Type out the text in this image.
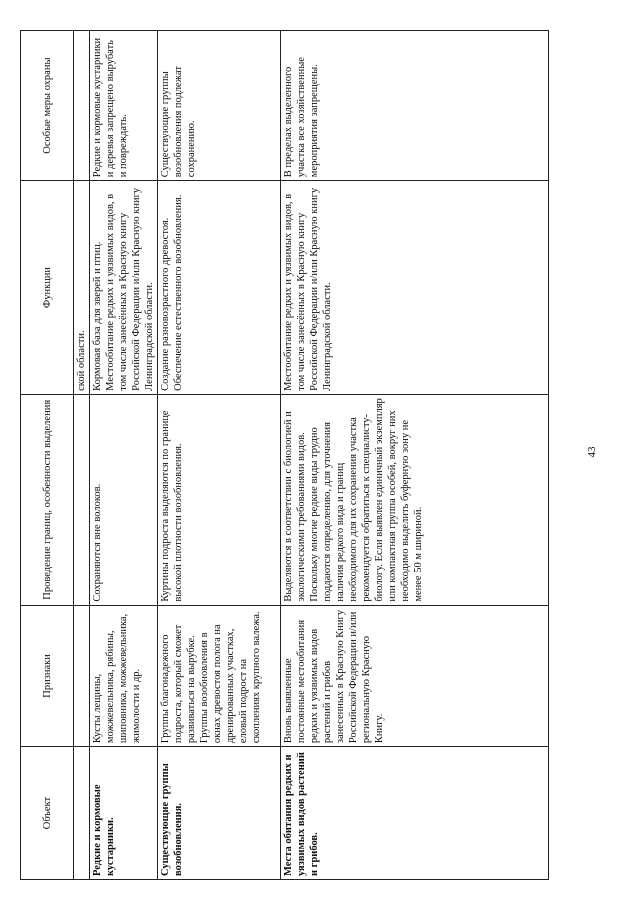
Объект	Признаки	Проведение границ, особенности выделения	Функции	Особые меры охраны
			ской области.	
Редкие и кормовые кустарники.	Кусты лещины, можжевельника, рябины, шиповника, можжевельника, жимолости и др.	Сохраняются вне волоков.	Кормовая база для зверей и птиц. Местообитание редких и уязвимых видов, в том числе занесённых в Красную книгу Российской Федерации и/или Красную книгу Ленинградской области.	Редкие и кормовые кустарники и деревья запрещено вырубать и повреждать.
Существующие группы возобновления.	Группы благонадежного подроста, который сможет развиваться на вырубке. Группы возобновления в окнах древостоя полога на дренированных участках, еловый подрост на скоплениях крупного валежа.	Куртины подроста выделяются по границе высокой плотности возобновления.	Создание разновозрастного древостоя. Обеспечение естественного возобновления.	Существующие группы возобновления подлежат сохранению.
Места обитания редких и уязвимых видов растений и грибов.	Вновь выявленные постоянные местообитания редких и уязвимых видов растений и грибов занесенных в Красную Книгу Российской Федерации и/или региональную Красную Книгу.	Выделяются в соответствии с биологией и экологическими требованиями видов. Поскольку многие редкие виды трудно поддаются определению, для уточнения наличия редкого вида и границ необходимого для их сохранения участка рекомендуется обратиться к специалисту-биологу. Если выявлен единичный экземпляр или компактная группа особей, вокруг них необходимо выделить буферную зону не менее 50 м шириной.	Местообитание редких и уязвимых видов, в том числе занесённых в Красную книгу Российской Федерации и/или Красную книгу Ленинградской области.	В пределах выделенного участка все хозяйственные мероприятия запрещены.
43
